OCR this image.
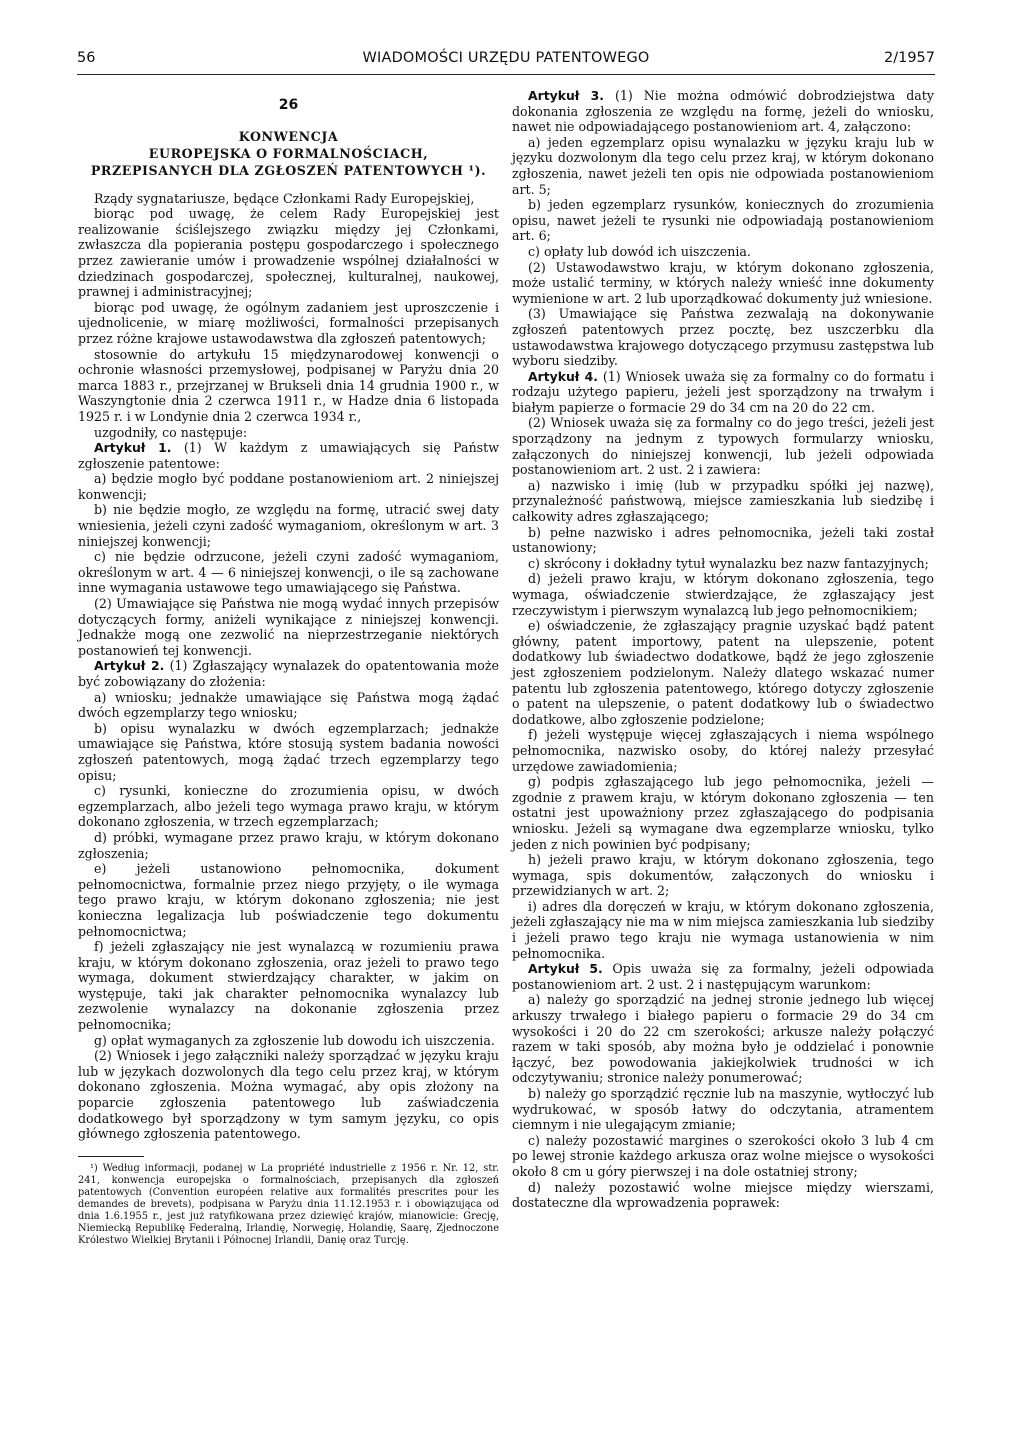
56	WIADOMOŚCI URZĘDU PATENTOWEGO	2/1957

26

KONWENCJA

EUROPEJSKA O FORMALNOŚCIACH,

PRZEPISANYCH DLA ZGŁOSZEŃ PATENTOWYCH ¹).

Rządy sygnatariusze, będące Członkami Rady Europejskiej,

biorąc pod uwagę, że celem Rady Europejskiej jest realizowanie ściślejszego związku między jej Członkami, zwłaszcza dla popierania postępu gospodarczego i społecznego przez zawieranie umów i prowadzenie wspólnej działalności w dziedzinach gospodarczej, społecznej, kulturalnej, naukowej, prawnej i administracyjnej;

biorąc pod uwagę, że ogólnym zadaniem jest uproszczenie i ujednolicenie, w miarę możliwości, formalności przepisanych przez różne krajowe ustawodawstwa dla zgłoszeń patentowych;

stosownie do artykułu 15 międzynarodowej konwencji o ochronie własności przemysłowej, podpisanej w Paryżu dnia 20 marca 1883 r., przejrzanej w Brukseli dnia 14 grudnia 1900 r., w Waszyngtonie dnia 2 czerwca 1911 r., w Hadze dnia 6 listopada 1925 r. i w Londynie dnia 2 czerwca 1934 r.,

uzgodniły, co następuje:

Artykuł 1. (1) W każdym z umawiających się Państw zgłoszenie patentowe:

a) będzie mogło być poddane postanowieniom art. 2 niniejszej konwencji;

b) nie będzie mogło, ze względu na formę, utracić swej daty wniesienia, jeżeli czyni zadość wymaganiom, określonym w art. 3 niniejszej konwencji;

c) nie będzie odrzucone, jeżeli czyni zadość wymaganiom, określonym w art. 4 — 6 niniejszej konwencji, o ile są zachowane inne wymagania ustawowe tego umawiającego się Państwa.

(2) Umawiające się Państwa nie mogą wydać innych przepisów dotyczących formy, aniżeli wynikające z niniejszej konwencji. Jednakże mogą one zezwolić na nieprzestrzeganie niektórych postanowień tej konwencji.

Artykuł 2. (1) Zgłaszający wynalazek do opatentowania może być zobowiązany do złożenia:

a) wniosku; jednakże umawiające się Państwa mogą żądać dwóch egzemplarzy tego wniosku;

b) opisu wynalazku w dwóch egzemplarzach; jednakże umawiające się Państwa, które stosują system badania nowości zgłoszeń patentowych, mogą żądać trzech egzemplarzy tego opisu;

c) rysunki, konieczne do zrozumienia opisu, w dwóch egzemplarzach, albo jeżeli tego wymaga prawo kraju, w którym dokonano zgłoszenia, w trzech egzemplarzach;

d) próbki, wymagane przez prawo kraju, w którym dokonano zgłoszenia;

e) jeżeli ustanowiono pełnomocnika, dokument pełnomocnictwa, formalnie przez niego przyjęty, o ile wymaga tego prawo kraju, w którym dokonano zgłoszenia; nie jest konieczna legalizacja lub poświadczenie tego dokumentu pełnomocnictwa;

f) jeżeli zgłaszający nie jest wynalazcą w rozumieniu prawa kraju, w którym dokonano zgłoszenia, oraz jeżeli to prawo tego wymaga, dokument stwierdzający charakter, w jakim on występuje, taki jak charakter pełnomocnika wynalazcy lub zezwolenie wynalazcy na dokonanie zgłoszenia przez pełnomocnika;

g) opłat wymaganych za zgłoszenie lub dowodu ich uiszczenia.

(2) Wniosek i jego załączniki należy sporządzać w języku kraju lub w językach dozwolonych dla tego celu przez kraj, w którym dokonano zgłoszenia. Można wymagać, aby opis złożony na poparcie zgłoszenia patentowego lub zaświadczenia dodatkowego był sporządzony w tym samym języku, co opis głównego zgłoszenia patentowego.

¹) Według informacji, podanej w La propriété industrielle z 1956 r. Nr. 12, str. 241, konwencja europejska o formalnościach, przepisanych dla zgłoszeń patentowych (Convention européen relative aux formalités prescrites pour les demandes de brevets), podpisana w Paryżu dnia 11.12.1953 r. i obowiązująca od dnia 1.6.1955 r., jest już ratyfikowana przez dziewięć krajów, mianowicie: Grecję, Niemiecką Republikę Federalną, Irlandię, Norwegię, Holandię, Saarę, Zjednoczone Królestwo Wielkiej Brytanii i Północnej Irlandii, Danię oraz Turcję.

Artykuł 3. (1) Nie można odmówić dobrodziejstwa daty dokonania zgłoszenia ze względu na formę, jeżeli do wniosku, nawet nie odpowiadającego postanowieniom art. 4, załączono:

a) jeden egzemplarz opisu wynalazku w języku kraju lub w języku dozwolonym dla tego celu przez kraj, w którym dokonano zgłoszenia, nawet jeżeli ten opis nie odpowiada postanowieniom art. 5;

b) jeden egzemplarz rysunków, koniecznych do zrozumienia opisu, nawet jeżeli te rysunki nie odpowiadają postanowieniom art. 6;

c) opłaty lub dowód ich uiszczenia.

(2) Ustawodawstwo kraju, w którym dokonano zgłoszenia, może ustalić terminy, w których należy wnieść inne dokumenty wymienione w art. 2 lub uporządkować dokumenty już wniesione.

(3) Umawiające się Państwa zezwalają na dokonywanie zgłoszeń patentowych przez pocztę, bez uszczerbku dla ustawodawstwa krajowego dotyczącego przymusu zastępstwa lub wyboru siedziby.

Artykuł 4. (1) Wniosek uważa się za formalny co do formatu i rodzaju użytego papieru, jeżeli jest sporządzony na trwałym i białym papierze o formacie 29 do 34 cm na 20 do 22 cm.

(2) Wniosek uważa się za formalny co do jego treści, jeżeli jest sporządzony na jednym z typowych formularzy wniosku, załączonych do niniejszej konwencji, lub jeżeli odpowiada postanowieniom art. 2 ust. 2 i zawiera:

a) nazwisko i imię (lub w przypadku spółki jej nazwę), przynależność państwową, miejsce zamieszkania lub siedzibę i całkowity adres zgłaszającego;

b) pełne nazwisko i adres pełnomocnika, jeżeli taki został ustanowiony;

c) skrócony i dokładny tytuł wynalazku bez nazw fantazyjnych;

d) jeżeli prawo kraju, w którym dokonano zgłoszenia, tego wymaga, oświadczenie stwierdzające, że zgłaszający jest rzeczywistym i pierwszym wynalazcą lub jego pełnomocnikiem;

e) oświadczenie, że zgłaszający pragnie uzyskać bądź patent główny, patent importowy, patent na ulepszenie, potent dodatkowy lub świadectwo dodatkowe, bądź że jego zgłoszenie jest zgłoszeniem podzielonym. Należy dlatego wskazać numer patentu lub zgłoszenia patentowego, którego dotyczy zgłoszenie o patent na ulepszenie, o patent dodatkowy lub o świadectwo dodatkowe, albo zgłoszenie podzielone;

f) jeżeli występuje więcej zgłaszających i niema wspólnego pełnomocnika, nazwisko osoby, do której należy przesyłać urzędowe zawiadomienia;

g) podpis zgłaszającego lub jego pełnomocnika, jeżeli — zgodnie z prawem kraju, w którym dokonano zgłoszenia — ten ostatni jest upoważniony przez zgłaszającego do podpisania wniosku. Jeżeli są wymagane dwa egzemplarze wniosku, tylko jeden z nich powinien być podpisany;

h) jeżeli prawo kraju, w którym dokonano zgłoszenia, tego wymaga, spis dokumentów, załączonych do wniosku i przewidzianych w art. 2;

i) adres dla doręczeń w kraju, w którym dokonano zgłoszenia, jeżeli zgłaszający nie ma w nim miejsca zamieszkania lub siedziby i jeżeli prawo tego kraju nie wymaga ustanowienia w nim pełnomocnika.

Artykuł 5. Opis uważa się za formalny, jeżeli odpowiada postanowieniom art. 2 ust. 2 i następującym warunkom:

a) należy go sporządzić na jednej stronie jednego lub więcej arkuszy trwałego i białego papieru o formacie 29 do 34 cm wysokości i 20 do 22 cm szerokości; arkusze należy połączyć razem w taki sposób, aby można było je oddzielać i ponownie łączyć, bez powodowania jakiejkolwiek trudności w ich odczytywaniu; stronice należy ponumerować;

b) należy go sporządzić ręcznie lub na maszynie, wytłoczyć lub wydrukować, w sposób łatwy do odczytania, atramentem ciemnym i nie ulegającym zmianie;

c) należy pozostawić margines o szerokości około 3 lub 4 cm po lewej stronie każdego arkusza oraz wolne miejsce o wysokości około 8 cm u góry pierwszej i na dole ostatniej strony;

d) należy pozostawić wolne miejsce między wierszami, dostateczne dla wprowadzenia poprawek:
